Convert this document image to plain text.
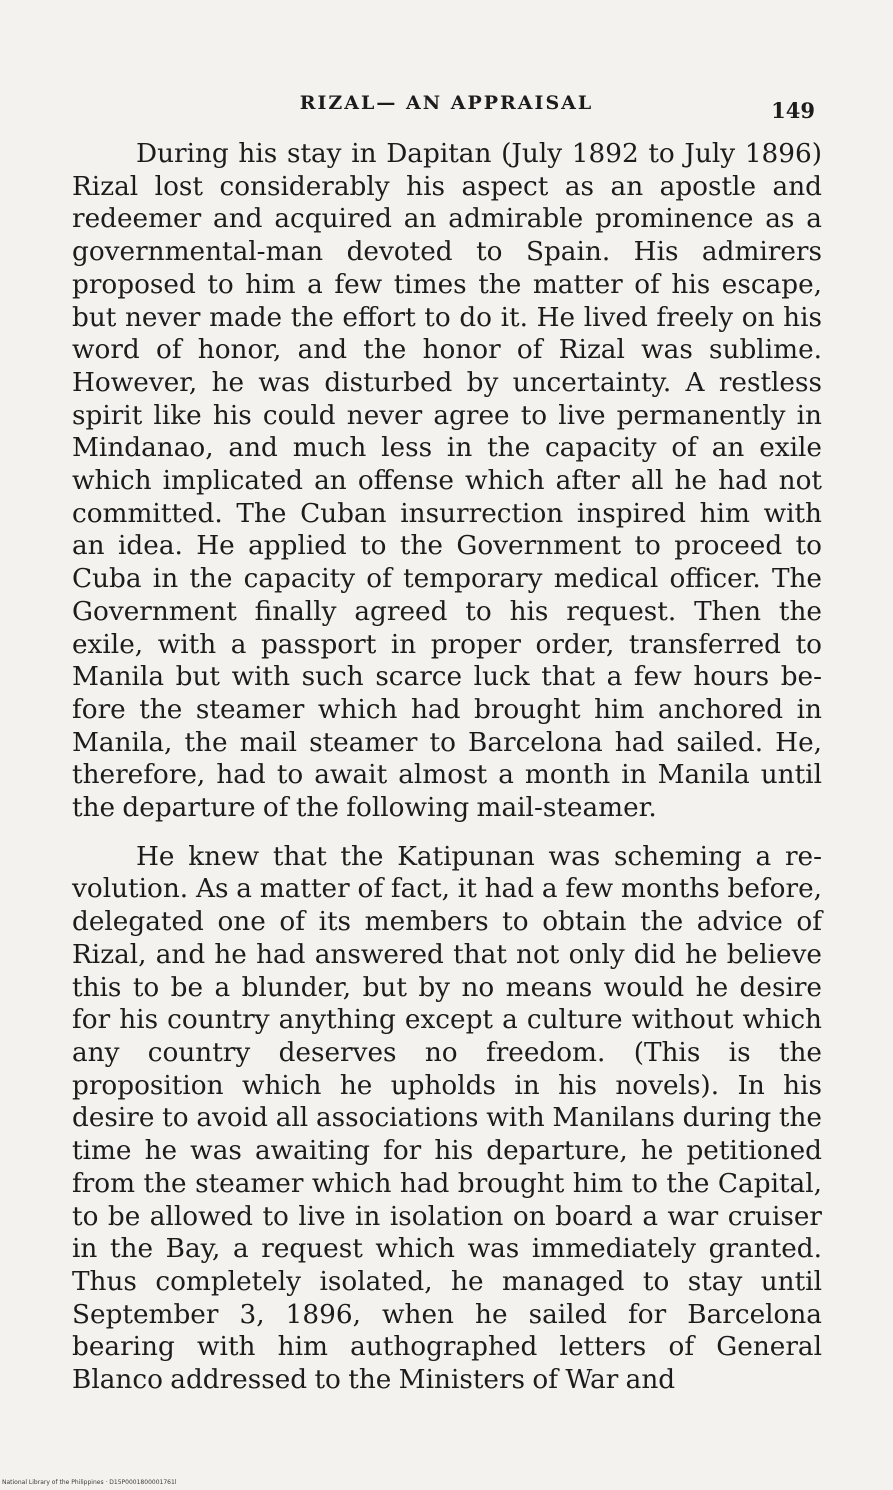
RIZAL— AN APPRAISAL	149

During his stay in Dapitan (July 1892 to July 1896) Rizal lost considerably his aspect as an apostle and redeemer and acquired an admirable prominence as a governmental-man devoted to Spain. His admirers proposed to him a few times the matter of his escape, but never made the effort to do it. He lived freely on his word of honor, and the honor of Rizal was sublime. However, he was disturbed by uncertainty. A restless spirit like his could never agree to live permanently in Mindanao, and much less in the capacity of an exile which implicated an offense which after all he had not committed. The Cuban insurrection inspired him with an idea. He applied to the Government to proceed to Cuba in the capacity of temporary medical officer. The Government finally agreed to his request. Then the exile, with a passport in proper order, transferred to Manila but with such scarce luck that a few hours before the steamer which had brought him anchored in Manila, the mail steamer to Barcelona had sailed. He, therefore, had to await almost a month in Manila until the departure of the following mail-steamer.

He knew that the Katipunan was scheming a revolution. As a matter of fact, it had a few months before, delegated one of its members to obtain the advice of Rizal, and he had answered that not only did he believe this to be a blunder, but by no means would he desire for his country anything except a culture without which any country deserves no freedom. (This is the proposition which he upholds in his novels). In his desire to avoid all associations with Manilans during the time he was awaiting for his departure, he petitioned from the steamer which had brought him to the Capital, to be allowed to live in isolation on board a war cruiser in the Bay, a request which was immediately granted. Thus completely isolated, he managed to stay until September 3, 1896, when he sailed for Barcelona bearing with him authographed letters of General Blanco addressed to the Ministers of War and

National Library of the Philippines · D15P0001800001761l
